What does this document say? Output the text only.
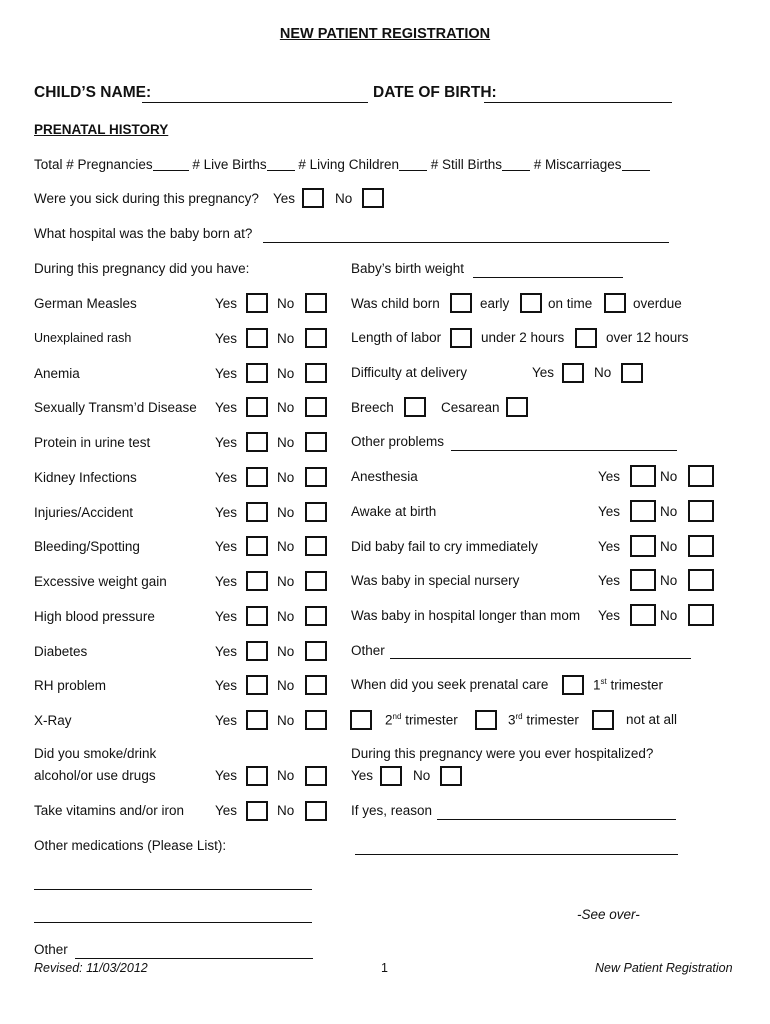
NEW PATIENT REGISTRATION
CHILD’S NAME:	DATE OF BIRTH:
PRENATAL HISTORY
Total # Pregnancies	# Live Births # Living Children # Still Births # Miscarriages
Were you sick during this pregnancy? Yes	No
What hospital was the baby born at?
During this pregnancy did you have:	Baby’s birth weight
German Measles	Yes	No
Unexplained rash	Yes	No
Anemia	Yes	No
Sexually Transm’d Disease Yes	No
Protein in urine test	Yes	No
Kidney Infections	Yes	No
Injuries/Accident	Yes	No
Bleeding/Spotting	Yes	No
Excessive weight gain	Yes	No
High blood pressure	Yes	No
Diabetes	Yes	No
RH problem	Yes	No
X-Ray	Yes	No
Did you smoke/drink
alcohol/or use drugs	Yes	No
Take vitamins and/or iron Yes	No
Other medications (Please List):
Other
-See over-
Was child born	early	on time	overdue
Length of labor	under 2 hours	over 12 hours
Difficulty at delivery	Yes	No
Breech	Cesarean
Other problems
Anesthesia	Yes	No
Awake at birth	Yes	No
Did baby fail to cry immediately	Yes	No
Was baby in special nursery	Yes	No
Was baby in hospital longer than mom Yes	No
Other
When did you seek prenatal care	1st trimester
2nd trimester	3rd trimester	not at all
During this pregnancy were you ever hospitalized?
Yes	No
If yes, reason
Revised: 11/03/2012	1	New Patient Registration
